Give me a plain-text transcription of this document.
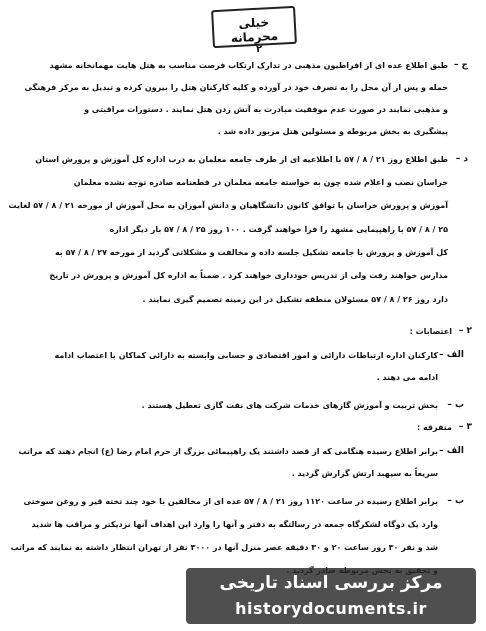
خیلی محرمانه
۲
ج –
طبق اطلاع عده ای از افراطیون مذهبی در تدارک ارتکاب فرصت مناسب به هتل هایت مهمانخانه مشهد
حمله و پس از آن محل را به تصرف خود در آورده و کلیه کارکنان هتل را بیرون کرده و تبدیل به مرکز فرهنگی
و مذهبی نمایند در صورت عدم موفقیت مبادرت به آتش زدن هتل نمایند . دستورات مراقبتی و
پیشگیری به بخش مربوطه و مسئولین هتل مزبور داده شد .
د –
طبق اطلاع روز ۲۱ / ۸ / ۵۷ با اطلاعیه ای از طرف جامعه معلمان به درب اداره کل آموزش و پرورش استان
خراسان نصب و اعلام شده چون به خواسته جامعه معلمان در قطعنامه صادره توجه نشده معلمان
آموزش و پرورش خراسان با توافق کانون دانشگاهیان و دانش آموزان به محل آموزش از مورخه ۲۱ / ۸ / ۵۷ لغایت
۲۵ / ۸ / ۵۷ با راهپیمایی مشهد را فرا خواهند گرفت . ۱۰۰ روز ۲۵ / ۸ / ۵۷ بار دیگر اداره
کل آموزش و پرورش با جامعه تشکیل جلسه داده و مخالفت و مشکلاتی گردید از مورخه ۲۷ / ۸ / ۵۷ به
مدارس خواهند رفت ولی از تدریس خودداری خواهند کرد . ضمناً به اداره کل آموزش و پرورش در تاریخ
دارد روز ۲۶ / ۸ / ۵۷ مسئولان منطقه تشکیل در این زمینه تصمیم گیری نمایند .
۲ –
اعتصابات :
الف –
کارکنان اداره ارتباطات دارائی و امور اقتصادی و حسابی وابسته به دارائی کماکان با اعتصاب ادامه
ادامه می دهند .
ب –
بخش تربیت و آموزش گازهای خدمات شرکت های نفت گازی تعطیل هستند .
۳ –
متفرقه :
الف –
برابر اطلاع رسیده هنگامی که از قصد داشتند یک راهپیمائی بزرگ از حرم امام رضا (ع) انجام دهند که مراتب
سریعاً به سپهبد ارتش گزارش گردید .
ب –
برابر اطلاع رسیده در ساعت ۱۱۲۰ روز ۲۱ / ۸ / ۵۷ عده ای از مخالفین با خود چند تخته قیر و روغن سوختی
وارد یک دوگاه لشکرگاه جمعه در رسالتگه به دفتر و آنها را وارد این اهداف آنها نزدیکتر و مراقب ها شدید
شد و نفر ۳۰ روز ساعت ۲۰ و ۳۰ دقیقه عصر منزل آنها در ۳۰۰۰ نفر از تهران انتظار داشته به نمایند که مراتب
مرکز بررسی اسناد تاریخی
historydocuments.ir
